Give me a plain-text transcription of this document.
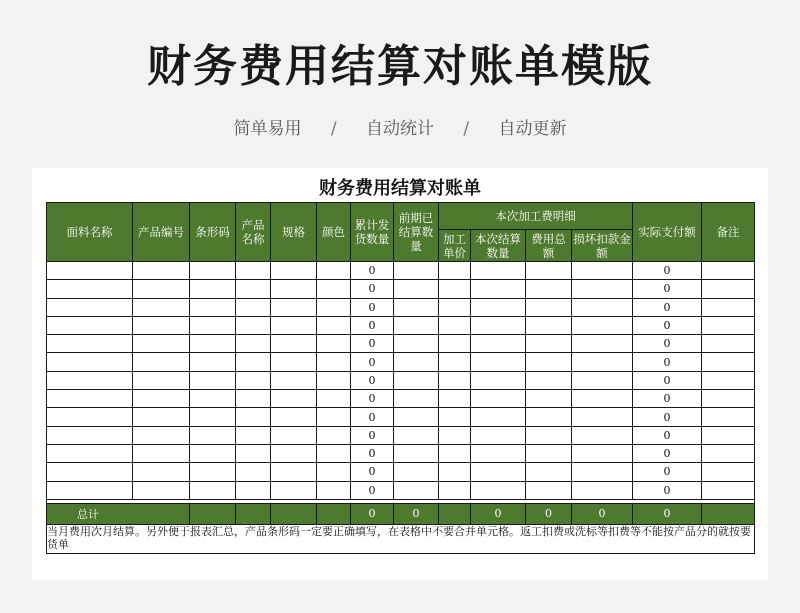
财务费用结算对账单模版
简单易用 / 自动统计 / 自动更新
财务费用结算对账单
面料名称	产品编号	条形码	产品名称	规格	颜色	累计发货数量	前期已结算数量	本次加工费明细				实际支付额	备注
								加工单价	本次结算数量	费用总额	损坏扣款金额		
						0						0	
						0						0	
						0						0	
						0						0	
						0						0	
						0						0	
						0						0	
						0						0	
						0						0	
						0						0	
						0						0	
						0						0	
						0						0	

总计						0	0		0	0	0	0	
当月费用次月结算。另外便于报表汇总，产品条形码一定要正确填写，在表格中不要合并单元格。返工扣费或洗标等扣费等不能按产品分的就按要货单													
